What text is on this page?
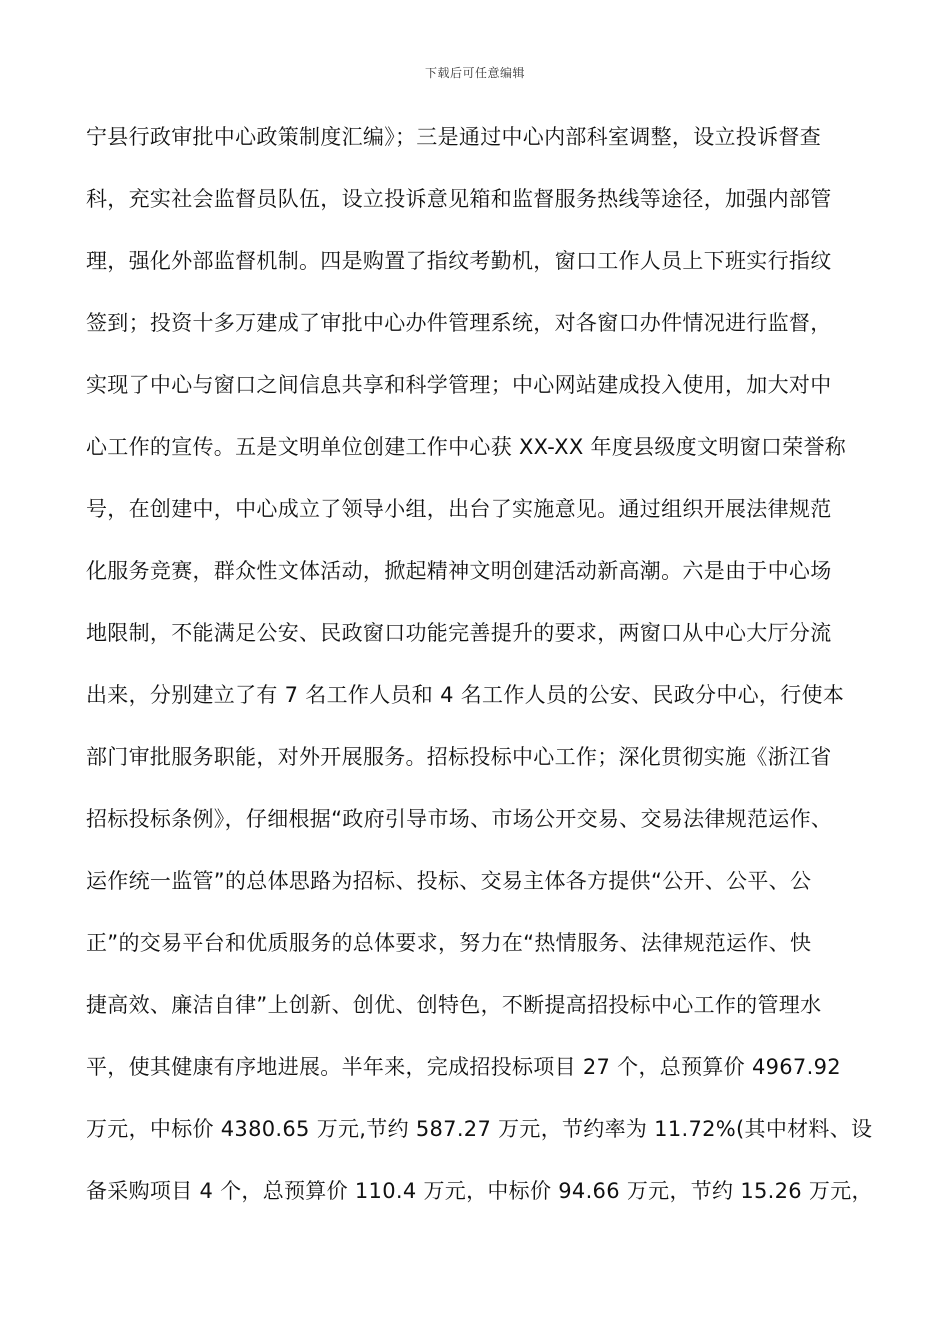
下载后可任意编辑
宁县行政审批中心政策制度汇编》；三是通过中心内部科室调整，设立投诉督查
科，充实社会监督员队伍，设立投诉意见箱和监督服务热线等途径，加强内部管
理，强化外部监督机制。四是购置了指纹考勤机，窗口工作人员上下班实行指纹
签到；投资十多万建成了审批中心办件管理系统，对各窗口办件情况进行监督，
实现了中心与窗口之间信息共享和科学管理；中心网站建成投入使用，加大对中
心工作的宣传。五是文明单位创建工作中心获 XX-XX 年度县级度文明窗口荣誉称
号，在创建中，中心成立了领导小组，出台了实施意见。通过组织开展法律规范
化服务竞赛，群众性文体活动，掀起精神文明创建活动新高潮。六是由于中心场
地限制，不能满足公安、民政窗口功能完善提升的要求，两窗口从中心大厅分流
出来，分别建立了有 7 名工作人员和 4 名工作人员的公安、民政分中心，行使本
部门审批服务职能，对外开展服务。招标投标中心工作；深化贯彻实施《浙江省
招标投标条例》，仔细根据“政府引导市场、市场公开交易、交易法律规范运作、
运作统一监管”的总体思路为招标、投标、交易主体各方提供“公开、公平、公
正”的交易平台和优质服务的总体要求，努力在“热情服务、法律规范运作、快
捷高效、廉洁自律”上创新、创优、创特色，不断提高招投标中心工作的管理水
平，使其健康有序地进展。半年来，完成招投标项目 27 个，总预算价 4967.92
万元，中标价 4380.65 万元,节约 587.27 万元，节约率为 11.72%(其中材料、设
备采购项目 4 个，总预算价 110.4 万元，中标价 94.66 万元，节约 15.26 万元，
